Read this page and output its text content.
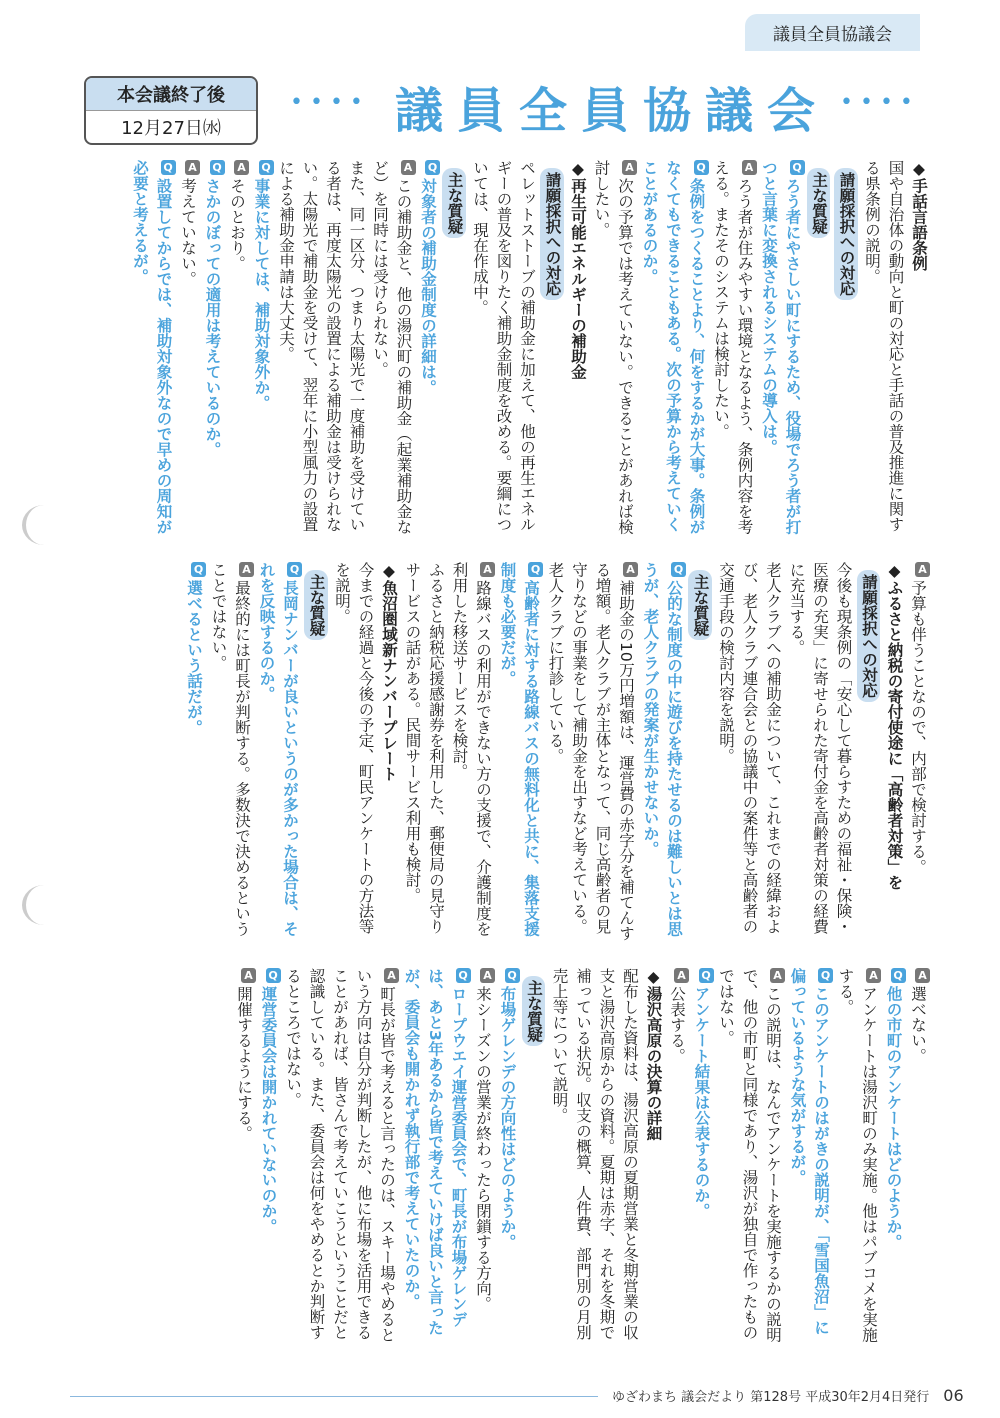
議員全員協議会
本会議終了後
12月27日㈬
•••• 議員全員協議会 ••••

◆手話言語条例

国や自治体の動向と町の対応と手話の普及推進に関する県条例の説明。

請願採択への対応

主な質疑

Qろう者にやさしい町にするため、役場でろう者が打つと言葉に変換されるシステムの導入は。

Aろう者が住みやすい環境となるよう、条例内容を考える。またそのシステムは検討したい。

Q条例をつくることより、何をするかが大事。条例がなくてもできることもある。次の予算から考えていくことがあるのか。

A次の予算では考えていない。できることがあれば検討したい。

◆再生可能エネルギーの補助金

請願採択への対応

ペレットストーブの補助金に加えて、他の再生エネルギーの普及を図りたく補助金制度を改める。要綱については、現在作成中。

主な質疑

Q対象者の補助金制度の詳細は。

Aこの補助金と、他の湯沢町の補助金（起業補助金など）を同時には受けられない。

また、同一区分、つまり太陽光で一度補助を受けている者は、再度太陽光の設置による補助金は受けられない。太陽光で補助金を受けて、翌年に小型風力の設置による補助金申請は大丈夫。

Q事業に対しては、補助対象外か。

Aそのとおり。

Qさかのぼっての適用は考えているのか。

A考えていない。

Q設置してからでは、補助対象外なので早めの周知が必要と考えるが。

A予算も伴うことなので、内部で検討する。

◆ふるさと納税の寄付使途に「高齢者対策」を

請願採択への対応

今後も現条例の「安心して暮らすための福祉・保険・医療の充実」に寄せられた寄付金を高齢者対策の経費に充当する。

老人クラブへの補助金について、これまでの経緯および、老人クラブ連合会との協議中の案件等と高齢者の交通手段の検討内容を説明。

主な質疑

Q公的な制度の中に遊びを持たせるのは難しいとは思うが、老人クラブの発案が生かせないか。

A補助金の10万円増額は、運営費の赤字分を補てんする増額。老人クラブが主体となって、同じ高齢者の見守りなどの事業をして補助金を出すなど考えている。老人クラブに打診している。

Q高齢者に対する路線バスの無料化と共に、集落支援制度も必要だが。

A路線バスの利用ができない方の支援で、介護制度を利用した移送サービスを検討。

ふるさと納税応援感謝券を利用した、郵便局の見守りサービスの話がある。民間サービス利用も検討。

◆魚沼圏域新ナンバープレート

今までの経過と今後の予定、町民アンケートの方法等を説明。

主な質疑

Q長岡ナンバーが良いというのが多かった場合は、それを反映するのか。

A最終的には町長が判断する。多数決で決めるということではない。

Q選べるという話だが。

A選べない。

Q他の市町のアンケートはどのようか。

Aアンケートは湯沢町のみ実施。他はパブコメを実施する。

Qこのアンケートのはがきの説明が、「雪国魚沼」に偏っているような気がするが。

Aこの説明は、なんでアンケートを実施するかの説明で、他の市町と同様であり、湯沢が独自で作ったものではない。

Qアンケート結果は公表するのか。

A公表する。

◆湯沢高原の決算の詳細

配布した資料は、湯沢高原の夏期営業と冬期営業の収支と湯沢高原からの資料。夏期は赤字、それを冬期で補っている状況。収支の概算、人件費、部門別の月別売上等について説明。

主な質疑

Q布場ゲレンデの方向性はどのようか。

A来シーズンの営業が終わったら閉鎖する方向。

Qロープウエイ運営委員会で、町長が布場ゲレンデは、あと3年あるから皆で考えていけば良いと言ったが、委員会も開かれず執行部で考えていたのか。

A町長が皆で考えると言ったのは、スキー場やめるという方向は自分が判断したが、他に布場を活用できることがあれば、皆さんで考えていこうということだと認識している。また、委員会は何をやめるとか判断するところではない。

Q運営委員会は開かれていないのか。

A開催するようにする。

ゆざわまち 議会だより 第128号 平成30年2月4日発行 06
